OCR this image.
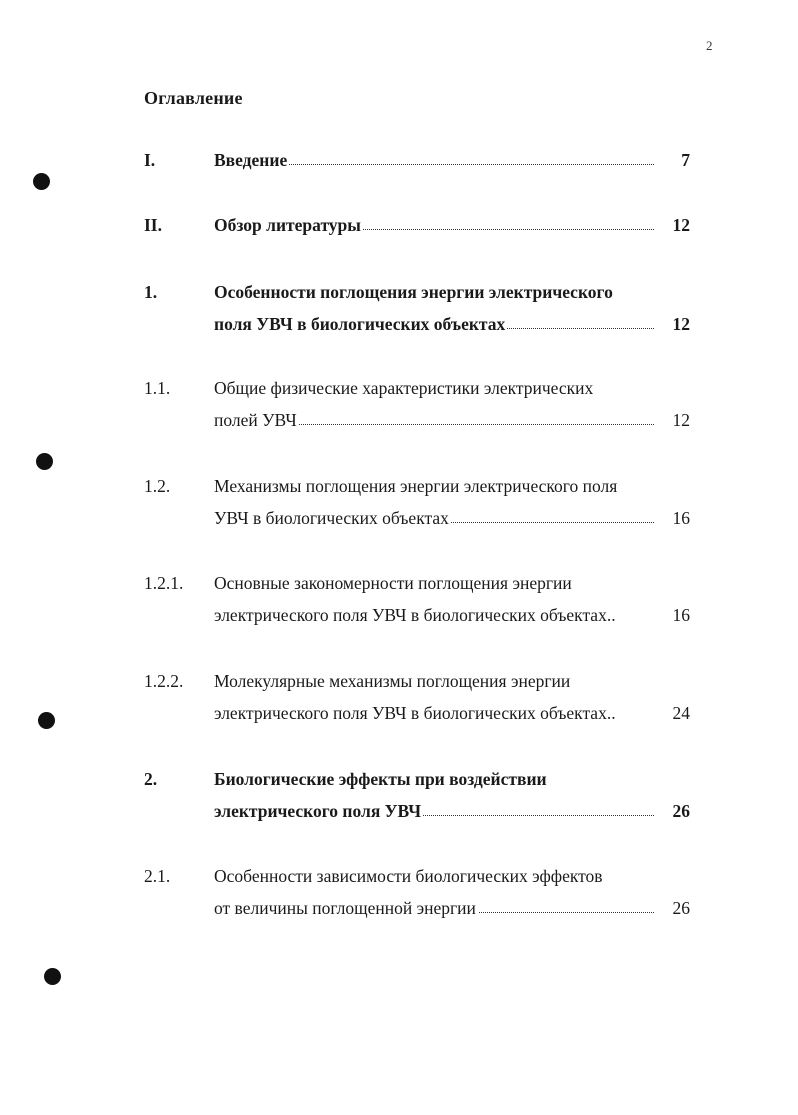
2
Оглавление
I.	Введение	7
II.	Обзор литературы	12
1.	Особенности поглощения энергии электрического
поля УВЧ в биологических объектах	12
1.1.	Общие физические характеристики электрических
полей УВЧ	12
1.2.	Механизмы поглощения энергии электрического поля
УВЧ в биологических объектах	16
1.2.1. Основные закономерности поглощения энергии
электрического поля УВЧ в биологических объектах..	16
1.2.2. Молекулярные механизмы поглощения энергии
электрического поля УВЧ в биологических объектах..	24
2.	Биологические эффекты при воздействии
электрического поля УВЧ	26
2.1.	Особенности зависимости биологических эффектов
от величины поглощенной энергии	26
